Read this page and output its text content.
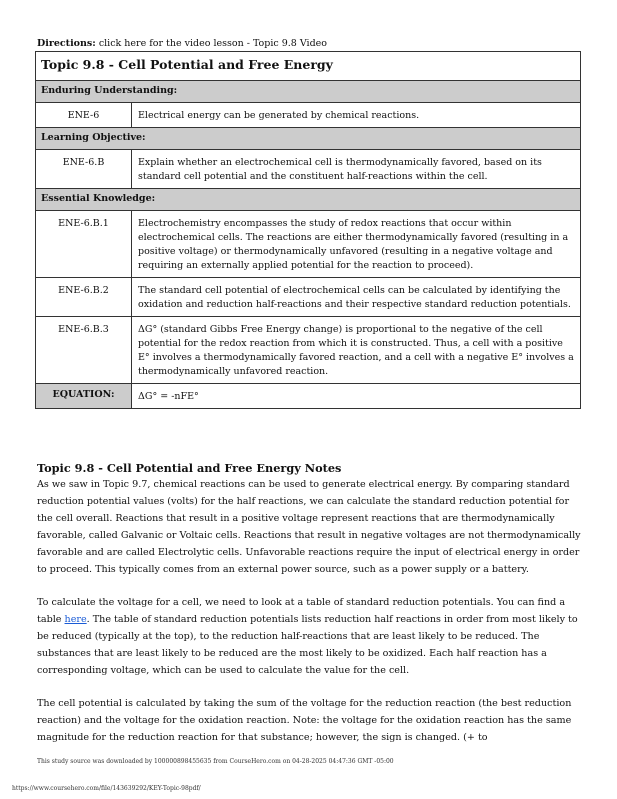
Directions: click here for the video lesson - Topic 9.8 Video
Topic 9.8 - Cell Potential and Free Energy	
Enduring Understanding:	
ENE-6	Electrical energy can be generated by chemical reactions.
Learning Objective:	
ENE-6.B	Explain whether an electrochemical cell is thermodynamically favored, based on its standard cell potential and the constituent half-reactions within the cell.
Essential Knowledge:	
ENE-6.B.1	Electrochemistry encompasses the study of redox reactions that occur within electrochemical cells. The reactions are either thermodynamically favored (resulting in a positive voltage) or thermodynamically unfavored (resulting in a negative voltage and requiring an externally applied potential for the reaction to proceed).
ENE-6.B.2	The standard cell potential of electrochemical cells can be calculated by identifying the oxidation and reduction half-reactions and their respective standard reduction potentials.
ENE-6.B.3	ΔG° (standard Gibbs Free Energy change) is proportional to the negative of the cell potential for the redox reaction from which it is constructed. Thus, a cell with a positive E° involves a thermodynamically favored reaction, and a cell with a negative E° involves a thermodynamically unfavored reaction.
EQUATION:	ΔG° = -nFE°
Topic 9.8 - Cell Potential and Free Energy Notes

As we saw in Topic 9.7, chemical reactions can be used to generate electrical energy. By comparing standard reduction potential values (volts) for the half reactions, we can calculate the standard reduction potential for the cell overall. Reactions that result in a positive voltage represent reactions that are thermodynamically favorable, called Galvanic or Voltaic cells. Reactions that result in negative voltages are not thermodynamically favorable and are called Electrolytic cells. Unfavorable reactions require the input of electrical energy in order to proceed. This typically comes from an external power source, such as a power supply or a battery.

To calculate the voltage for a cell, we need to look at a table of standard reduction potentials. You can find a table here. The table of standard reduction potentials lists reduction half reactions in order from most likely to be reduced (typically at the top), to the reduction half-reactions that are least likely to be reduced. The substances that are least likely to be reduced are the most likely to be oxidized. Each half reaction has a corresponding voltage, which can be used to calculate the value for the cell.

The cell potential is calculated by taking the sum of the voltage for the reduction reaction (the best reduction reaction) and the voltage for the oxidation reaction. Note: the voltage for the oxidation reaction has the same magnitude for the reduction reaction for that substance; however, the sign is changed. (+ to

This study source was downloaded by 100000898455635 from CourseHero.com on 04-28-2025 04:47:36 GMT -05:00
https://www.coursehero.com/file/143639292/KEY-Topic-98pdf/
